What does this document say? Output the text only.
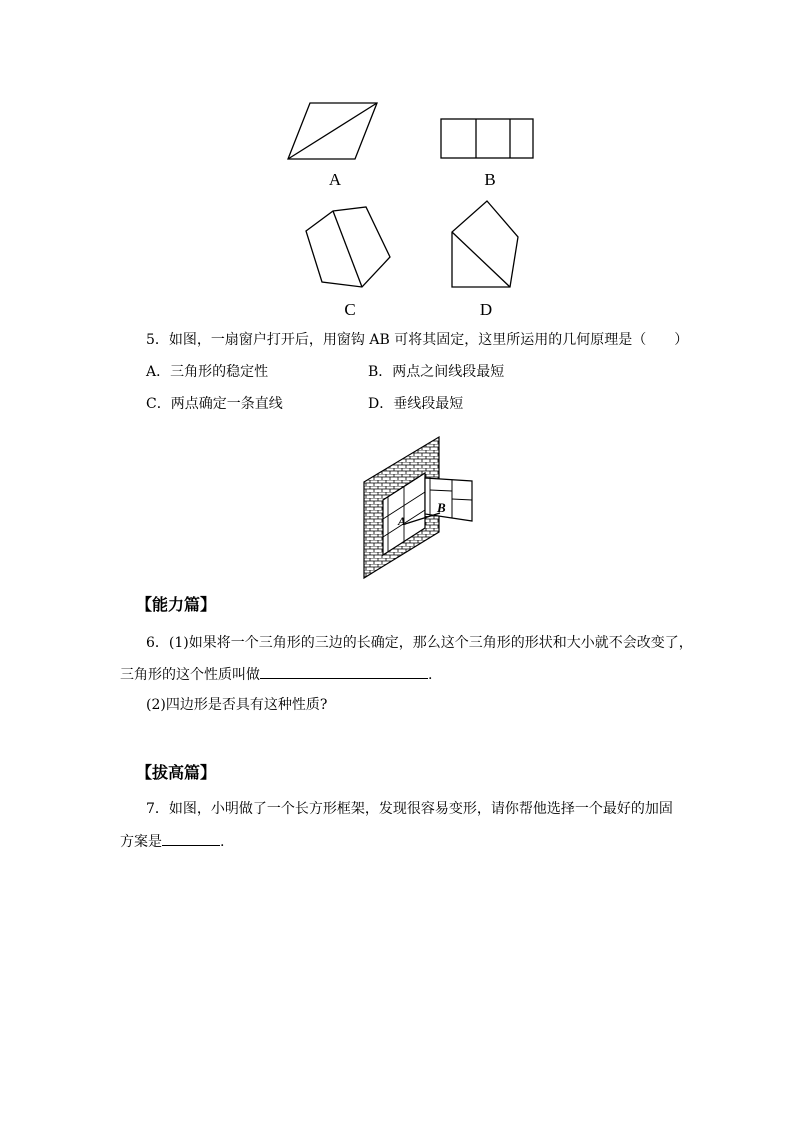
A	B
C	D
5．如图，一扇窗户打开后，用窗钩 AB 可将其固定，这里所运用的几何原理是（　　）
A．三角形的稳定性	B．两点之间线段最短
C．两点确定一条直线	D．垂线段最短
A
B
【能力篇】
6．(1)如果将一个三角形的三边的长确定，那么这个三角形的形状和大小就不会改变了，
三角形的这个性质叫做	.
(2)四边形是否具有这种性质?
【拔高篇】
7．如图，小明做了一个长方形框架，发现很容易变形，请你帮他选择一个最好的加固
方案是	.
